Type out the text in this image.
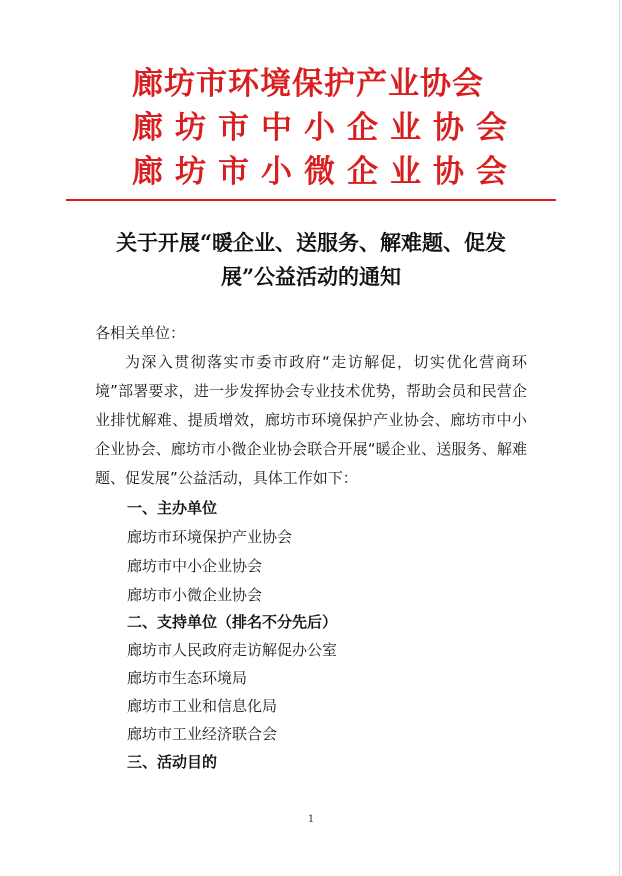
廊坊市环境保护产业协会
廊坊市中小企业协会
廊坊市小微企业协会
关于开展“暖企业、送服务、解难题、促发
展”公益活动的通知
各相关单位：
为深入贯彻落实市委市政府“走访解促，切实优化营商环境”部署要求，进一步发挥协会专业技术优势，帮助会员和民营企业排忧解难、提质增效，廊坊市环境保护产业协会、廊坊市中小企业协会、廊坊市小微企业协会联合开展“暖企业、送服务、解难题、促发展”公益活动，具体工作如下：
一、主办单位
廊坊市环境保护产业协会
廊坊市中小企业协会
廊坊市小微企业协会
二、支持单位（排名不分先后）
廊坊市人民政府走访解促办公室
廊坊市生态环境局
廊坊市工业和信息化局
廊坊市工业经济联合会
三、活动目的
1
